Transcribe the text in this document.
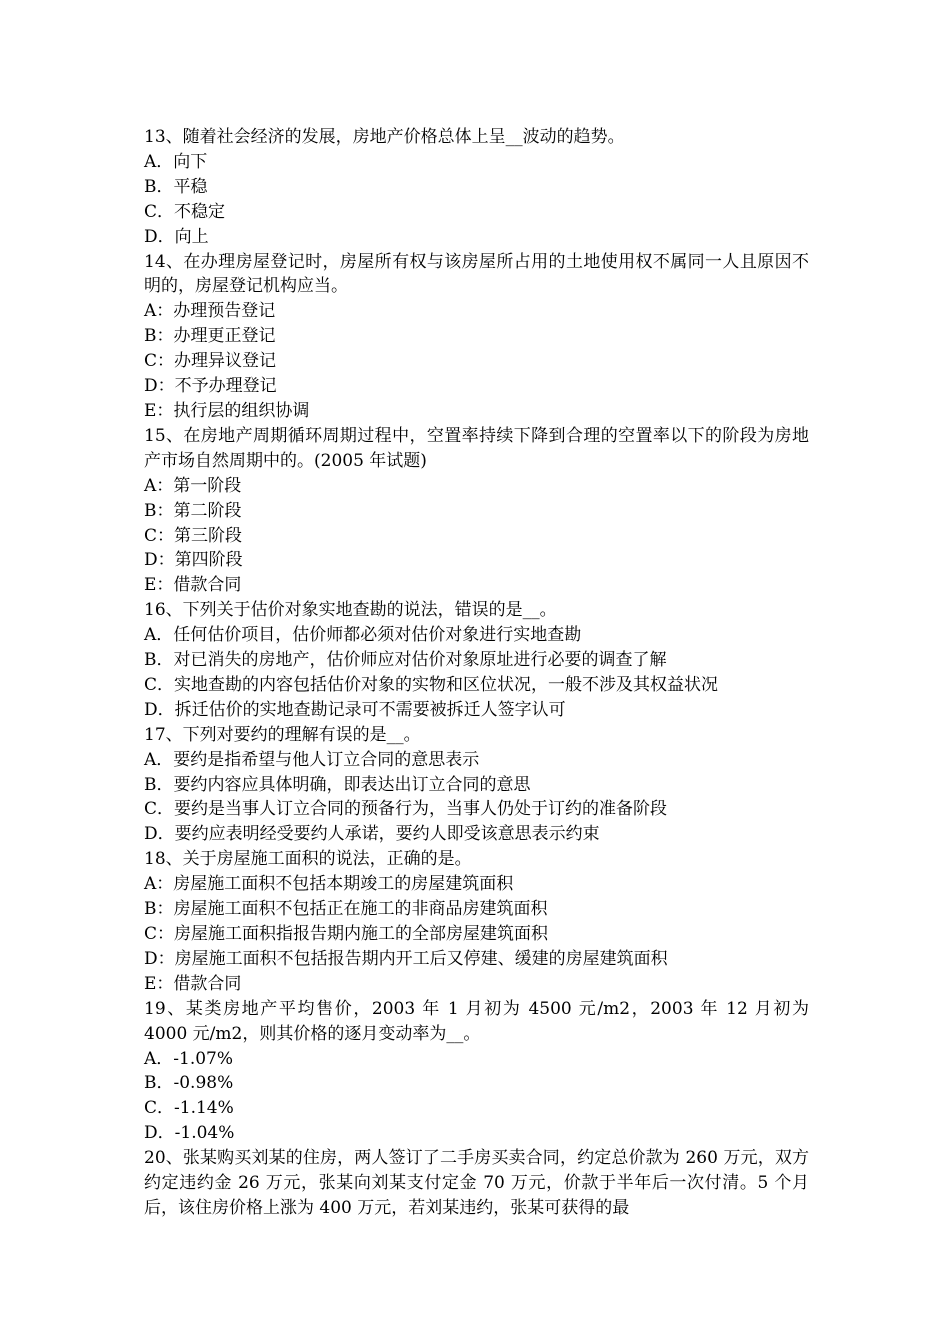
13、随着社会经济的发展，房地产价格总体上呈__波动的趋势。

A．向下

B．平稳

C．不稳定

D．向上

14、在办理房屋登记时，房屋所有权与该房屋所占用的土地使用权不属同一人且原因不明的，房屋登记机构应当。

A：办理预告登记

B：办理更正登记

C：办理异议登记

D：不予办理登记

E：执行层的组织协调

15、在房地产周期循环周期过程中，空置率持续下降到合理的空置率以下的阶段为房地产市场自然周期中的。(2005 年试题)

A：第一阶段

B：第二阶段

C：第三阶段

D：第四阶段

E：借款合同

16、下列关于估价对象实地查勘的说法，错误的是__。

A．任何估价项目，估价师都必须对估价对象进行实地查勘

B．对已消失的房地产，估价师应对估价对象原址进行必要的调查了解

C．实地查勘的内容包括估价对象的实物和区位状况，一般不涉及其权益状况

D．拆迁估价的实地查勘记录可不需要被拆迁人签字认可

17、下列对要约的理解有误的是__。

A．要约是指希望与他人订立合同的意思表示

B．要约内容应具体明确，即表达出订立合同的意思

C．要约是当事人订立合同的预备行为，当事人仍处于订约的准备阶段

D．要约应表明经受要约人承诺，要约人即受该意思表示约束

18、关于房屋施工面积的说法，正确的是。

A：房屋施工面积不包括本期竣工的房屋建筑面积

B：房屋施工面积不包括正在施工的非商品房建筑面积

C：房屋施工面积指报告期内施工的全部房屋建筑面积

D：房屋施工面积不包括报告期内开工后又停建、缓建的房屋建筑面积

E：借款合同

19、某类房地产平均售价，2003 年 1 月初为 4500 元/m2，2003 年 12 月初为 4000 元/m2，则其价格的逐月变动率为__。

A．-1.07%

B．-0.98%

C．-1.14%

D．-1.04%

20、张某购买刘某的住房，两人签订了二手房买卖合同，约定总价款为 260 万元，双方约定违约金 26 万元，张某向刘某支付定金 70 万元，价款于半年后一次付清。5 个月后，该住房价格上涨为 400 万元，若刘某违约，张某可获得的最
